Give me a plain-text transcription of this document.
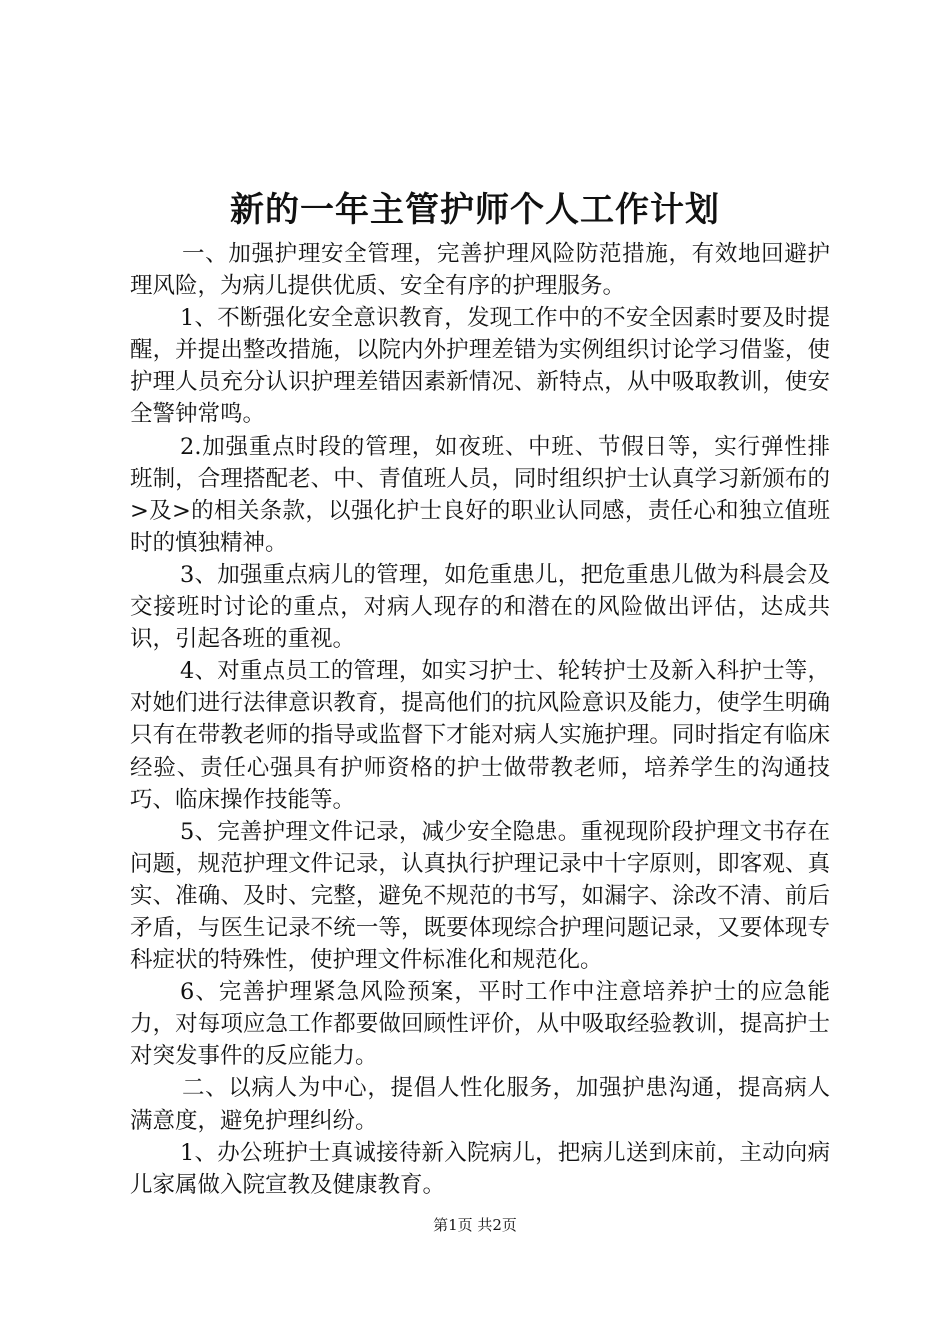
新的一年主管护师个人工作计划

一、加强护理安全管理，完善护理风险防范措施，有效地回避护理风险，为病儿提供优质、安全有序的护理服务。

1、不断强化安全意识教育，发现工作中的不安全因素时要及时提醒，并提出整改措施，以院内外护理差错为实例组织讨论学习借鉴，使护理人员充分认识护理差错因素新情况、新特点，从中吸取教训，使安全警钟常鸣。

2.加强重点时段的管理，如夜班、中班、节假日等，实行弹性排班制，合理搭配老、中、青值班人员，同时组织护士认真学习新颁布的>及>的相关条款，以强化护士良好的职业认同感，责任心和独立值班时的慎独精神。

3、加强重点病儿的管理，如危重患儿，把危重患儿做为科晨会及交接班时讨论的重点，对病人现存的和潜在的风险做出评估，达成共识，引起各班的重视。

4、对重点员工的管理，如实习护士、轮转护士及新入科护士等，对她们进行法律意识教育，提高他们的抗风险意识及能力，使学生明确只有在带教老师的指导或监督下才能对病人实施护理。同时指定有临床经验、责任心强具有护师资格的护士做带教老师，培养学生的沟通技巧、临床操作技能等。

5、完善护理文件记录，减少安全隐患。重视现阶段护理文书存在问题，规范护理文件记录，认真执行护理记录中十字原则，即客观、真实、准确、及时、完整，避免不规范的书写，如漏字、涂改不清、前后矛盾，与医生记录不统一等，既要体现综合护理问题记录，又要体现专科症状的特殊性，使护理文件标准化和规范化。

6、完善护理紧急风险预案，平时工作中注意培养护士的应急能力，对每项应急工作都要做回顾性评价，从中吸取经验教训，提高护士对突发事件的反应能力。

二、以病人为中心，提倡人性化服务，加强护患沟通，提高病人满意度，避免护理纠纷。

1、办公班护士真诚接待新入院病儿，把病儿送到床前，主动向病儿家属做入院宣教及健康教育。

第1页 共2页
